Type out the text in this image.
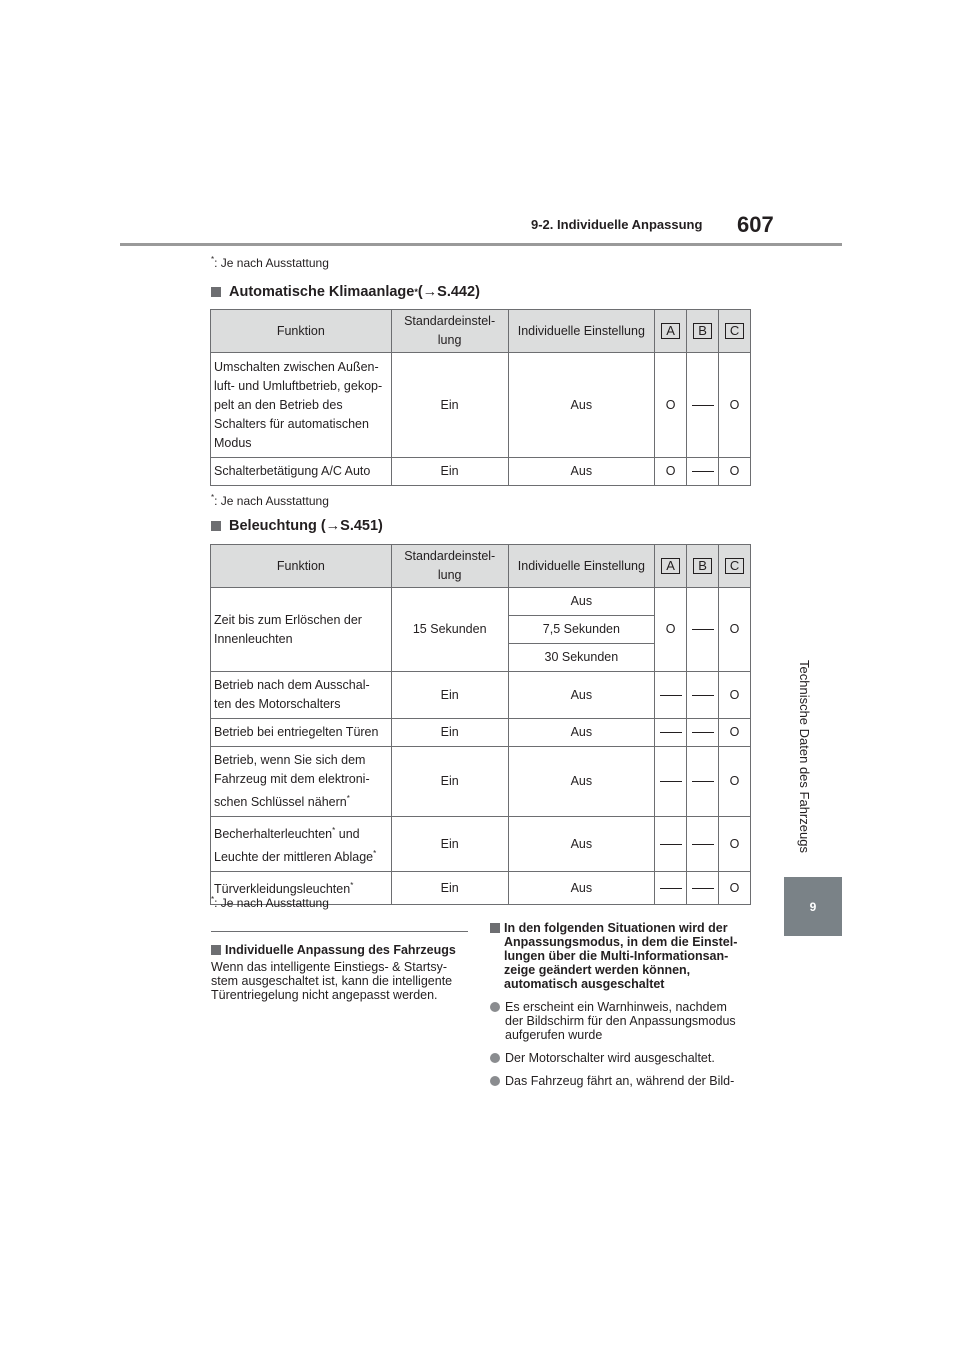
9-2. Individuelle Anpassung 607
Technische Daten des Fahrzeugs
9
*: Je nach Ausstattung
Automatische Klimaanlage * (→S.442)
Funktion	Standardeinstel-
lung	Individuelle Einstellung	A	B	C
Umschalten zwischen Außen-
luft- und Umluftbetrieb, gekop-
pelt an den Betrieb des
Schalters für automatischen
Modus	Ein	Aus	O		O
Schalterbetätigung A/C Auto	Ein	Aus	O		O
*: Je nach Ausstattung
Beleuchtung (→S.451)
Funktion	Standardeinstel-
lung	Individuelle Einstellung	A	B	C
Zeit bis zum Erlöschen der
Innenleuchten	15 Sekunden	Aus	O		O
		7,5 Sekunden			
		30 Sekunden			
Betrieb nach dem Ausschal-
ten des Motorschalters	Ein	Aus			O
Betrieb bei entriegelten Türen	Ein	Aus			O
Betrieb, wenn Sie sich dem
Fahrzeug mit dem elektroni-
schen Schlüssel nähern*	Ein	Aus			O
Becherhalterleuchten* und
Leuchte der mittleren Ablage*	Ein	Aus			O
Türverkleidungsleuchten*	Ein	Aus			O
*: Je nach Ausstattung
Individuelle Anpassung des Fahrzeugs
Wenn das intelligente Einstiegs- & Startsy-
stem ausgeschaltet ist, kann die intelligente
Türentriegelung nicht angepasst werden.
In den folgenden Situationen wird der
Anpassungsmodus, in dem die Einstel-
lungen über die Multi-Informationsan-
zeige geändert werden können,
automatisch ausgeschaltet
Es erscheint ein Warnhinweis, nachdem
der Bildschirm für den Anpassungsmodus
aufgerufen wurde
Der Motorschalter wird ausgeschaltet.
Das Fahrzeug fährt an, während der Bild-
